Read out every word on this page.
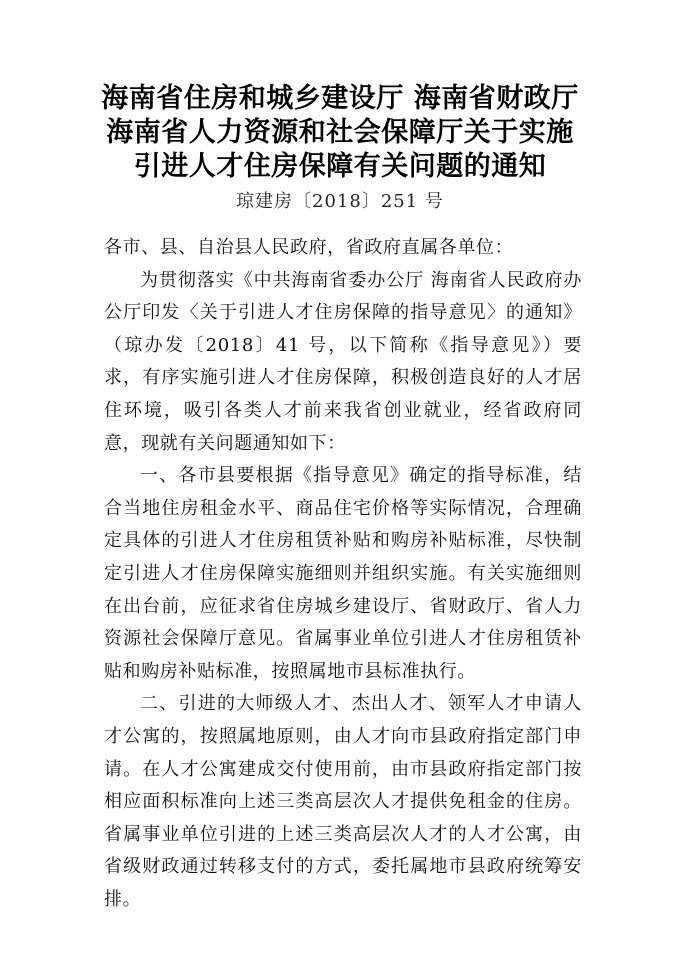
海南省住房和城乡建设厅 海南省财政厅
海南省人力资源和社会保障厅关于实施
引进人才住房保障有关问题的通知
琼建房〔2018〕251 号

各市、县、自治县人民政府，省政府直属各单位：

为贯彻落实《中共海南省委办公厅 海南省人民政府办公厅印发〈关于引进人才住房保障的指导意见〉的通知》（琼办发〔2018〕41 号，以下简称《指导意见》）要求，有序实施引进人才住房保障，积极创造良好的人才居住环境，吸引各类人才前来我省创业就业，经省政府同意，现就有关问题通知如下：

一、各市县要根据《指导意见》确定的指导标准，结合当地住房租金水平、商品住宅价格等实际情况，合理确定具体的引进人才住房租赁补贴和购房补贴标准，尽快制定引进人才住房保障实施细则并组织实施。有关实施细则在出台前，应征求省住房城乡建设厅、省财政厅、省人力资源社会保障厅意见。省属事业单位引进人才住房租赁补贴和购房补贴标准，按照属地市县标准执行。

二、引进的大师级人才、杰出人才、领军人才申请人才公寓的，按照属地原则，由人才向市县政府指定部门申请。在人才公寓建成交付使用前，由市县政府指定部门按相应面积标准向上述三类高层次人才提供免租金的住房。省属事业单位引进的上述三类高层次人才的人才公寓，由省级财政通过转移支付的方式，委托属地市县政府统筹安排。
